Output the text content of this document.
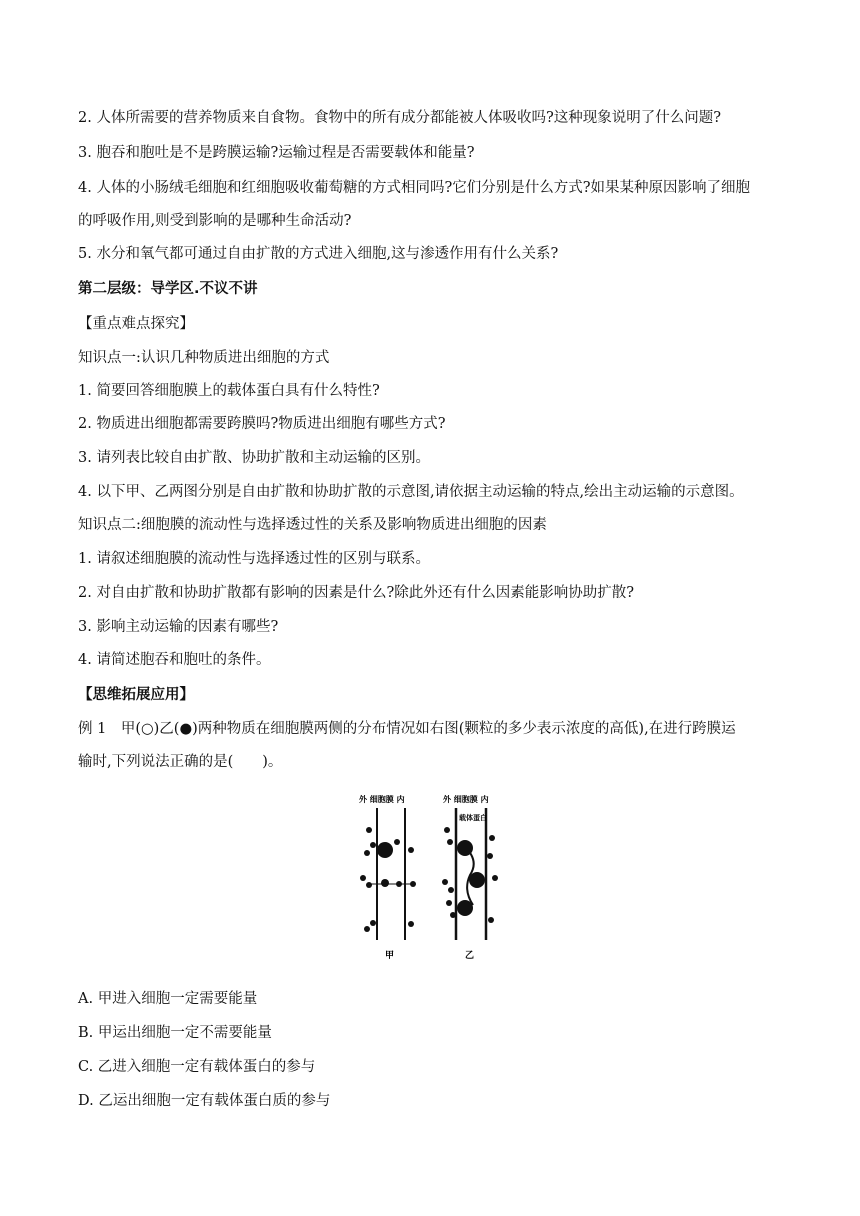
2. 人体所需要的营养物质来自食物。食物中的所有成分都能被人体吸收吗?这种现象说明了什么问题?
3. 胞吞和胞吐是不是跨膜运输?运输过程是否需要载体和能量?
4. 人体的小肠绒毛细胞和红细胞吸收葡萄糖的方式相同吗?它们分别是什么方式?如果某种原因影响了细胞
的呼吸作用,则受到影响的是哪种生命活动?
5. 水分和氧气都可通过自由扩散的方式进入细胞,这与渗透作用有什么关系?
第二层级：导学区.不议不讲
【重点难点探究】
知识点一:认识几种物质进出细胞的方式
1. 简要回答细胞膜上的载体蛋白具有什么特性?
2. 物质进出细胞都需要跨膜吗?物质进出细胞有哪些方式?
3. 请列表比较自由扩散、协助扩散和主动运输的区别。
4. 以下甲、乙两图分别是自由扩散和协助扩散的示意图,请依据主动运输的特点,绘出主动运输的示意图。
知识点二:细胞膜的流动性与选择透过性的关系及影响物质进出细胞的因素
1. 请叙述细胞膜的流动性与选择透过性的区别与联系。
2. 对自由扩散和协助扩散都有影响的因素是什么?除此外还有什么因素能影响协助扩散?
3. 影响主动运输的因素有哪些?
4. 请简述胞吞和胞吐的条件。
【思维拓展应用】
例 1　甲(○)乙(●)两种物质在细胞膜两侧的分布情况如右图(颗粒的多少表示浓度的高低),在进行跨膜运
输时,下列说法正确的是(　　)。
外 细胞膜 内	外 细胞膜 内
甲
载体蛋白
乙
A. 甲进入细胞一定需要能量
B. 甲运出细胞一定不需要能量
C. 乙进入细胞一定有载体蛋白的参与
D. 乙运出细胞一定有载体蛋白质的参与
